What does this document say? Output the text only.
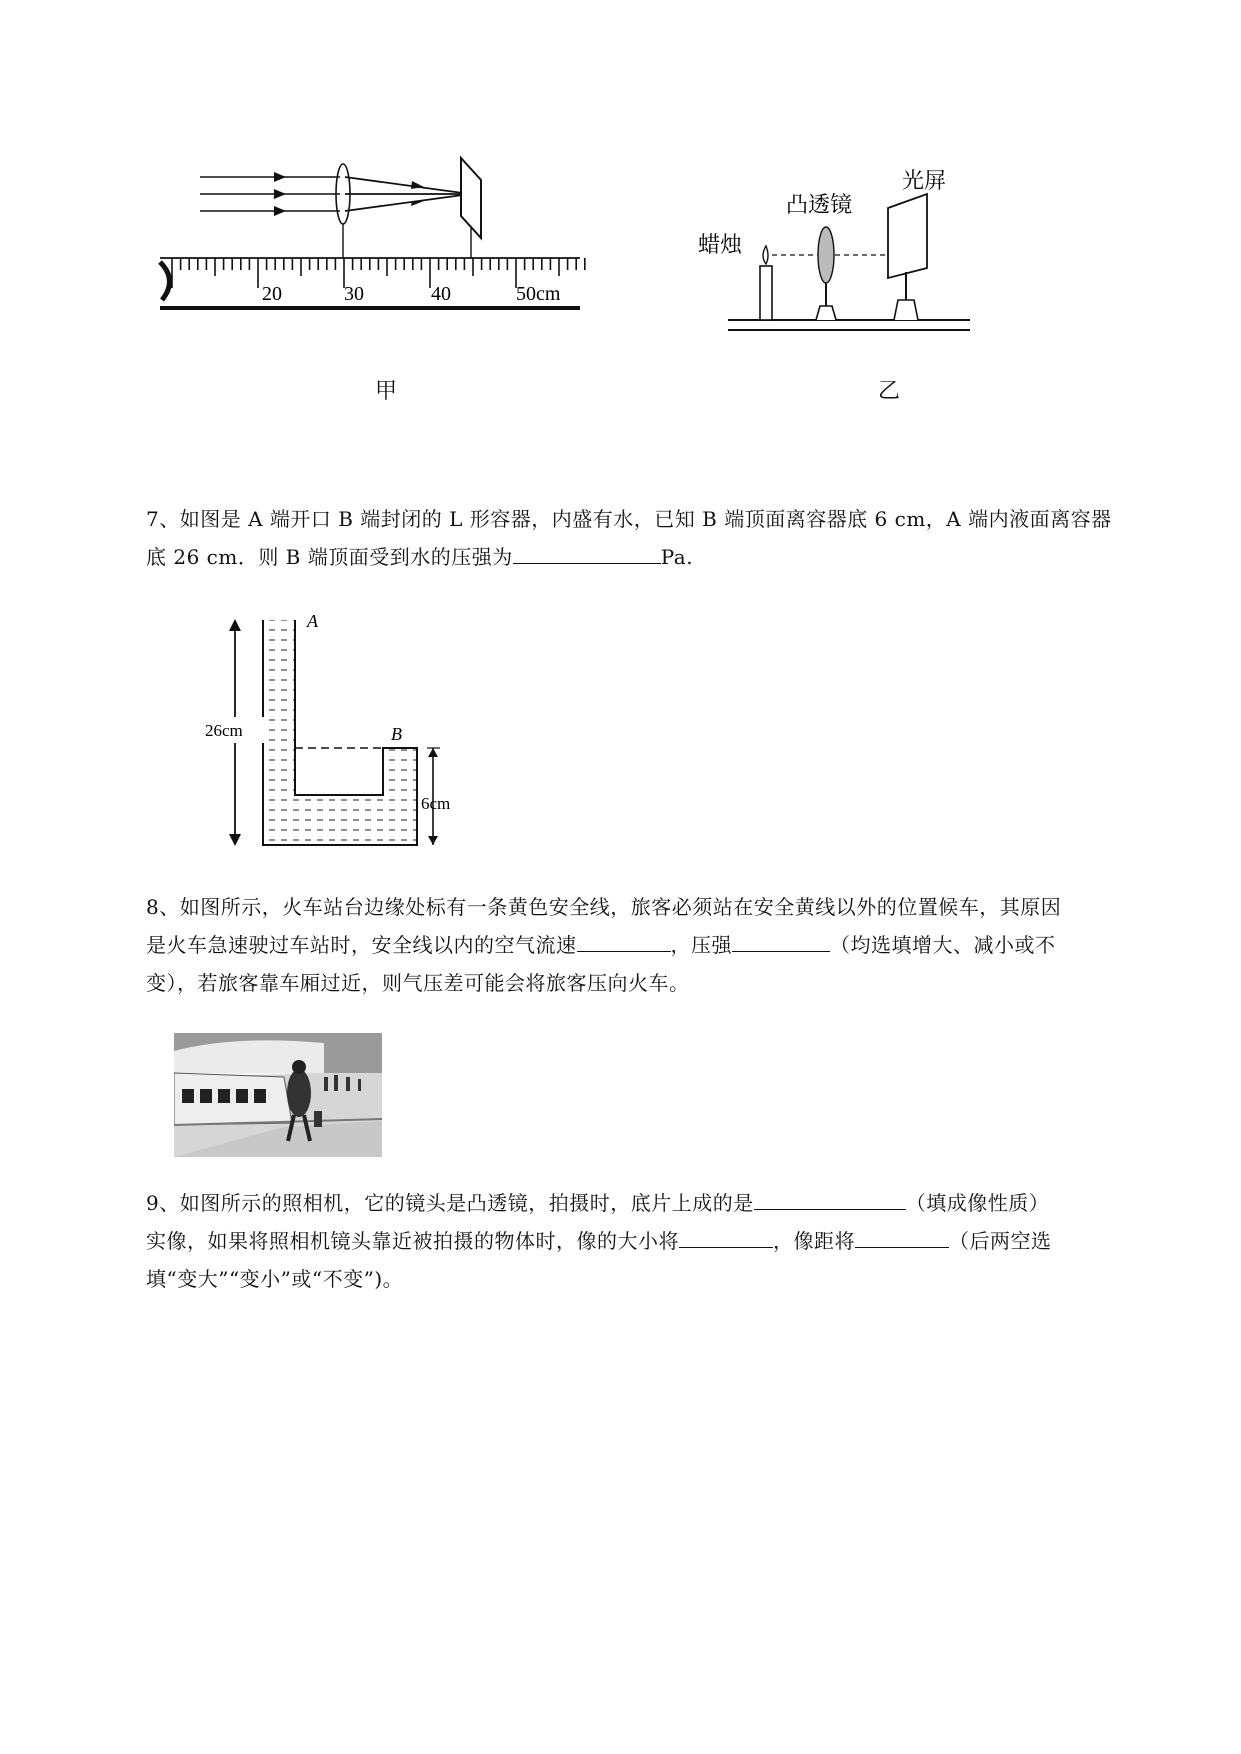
20	30	40	50cm
甲
光屏
凸透镜
蜡烛
乙
7、如图是 A 端开口 B 端封闭的 L 形容器，内盛有水，已知 B 端顶面离容器底 6 cm，A 端内液面离容器
底 26 cm．则 B 端顶面受到水的压强为	Pa.
A
B
26cm
6cm
8、如图所示，火车站台边缘处标有一条黄色安全线，旅客必须站在安全黄线以外的位置候车，其原因
是火车急速驶过车站时，安全线以内的空气流速	，压强	（均选填增大、减小或不
变），若旅客靠车厢过近，则气压差可能会将旅客压向火车。
9、如图所示的照相机，它的镜头是凸透镜，拍摄时，底片上成的是	（填成像性质）
实像，如果将照相机镜头靠近被拍摄的物体时，像的大小将	，像距将	（后两空选
填“变大”“变小”或“不变”)。
